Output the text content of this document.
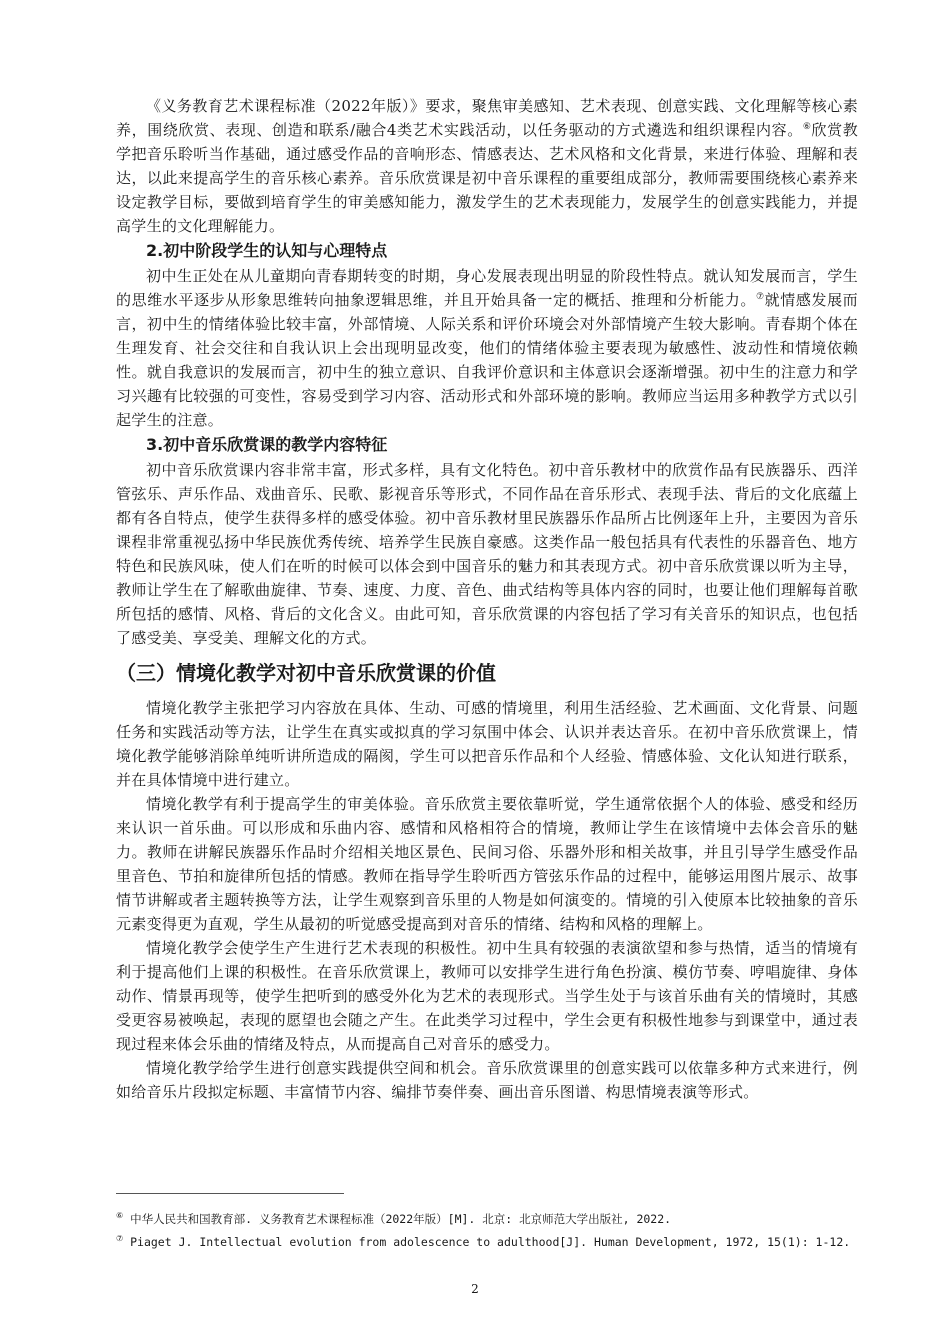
《义务教育艺术课程标准（2022年版）》要求，聚焦审美感知、艺术表现、创意实践、文化理解等核心素养，围绕欣赏、表现、创造和联系/融合4类艺术实践活动，以任务驱动的方式遴选和组织课程内容。⑥欣赏教学把音乐聆听当作基础，通过感受作品的音响形态、情感表达、艺术风格和文化背景，来进行体验、理解和表达，以此来提高学生的音乐核心素养。音乐欣赏课是初中音乐课程的重要组成部分，教师需要围绕核心素养来设定教学目标，要做到培育学生的审美感知能力，激发学生的艺术表现能力，发展学生的创意实践能力，并提高学生的文化理解能力。

2.初中阶段学生的认知与心理特点

初中生正处在从儿童期向青春期转变的时期，身心发展表现出明显的阶段性特点。就认知发展而言，学生的思维水平逐步从形象思维转向抽象逻辑思维，并且开始具备一定的概括、推理和分析能力。⑦就情感发展而言，初中生的情绪体验比较丰富，外部情境、人际关系和评价环境会对外部情境产生较大影响。青春期个体在生理发育、社会交往和自我认识上会出现明显改变，他们的情绪体验主要表现为敏感性、波动性和情境依赖性。就自我意识的发展而言，初中生的独立意识、自我评价意识和主体意识会逐渐增强。初中生的注意力和学习兴趣有比较强的可变性，容易受到学习内容、活动形式和外部环境的影响。教师应当运用多种教学方式以引起学生的注意。

3.初中音乐欣赏课的教学内容特征

初中音乐欣赏课内容非常丰富，形式多样，具有文化特色。初中音乐教材中的欣赏作品有民族器乐、西洋管弦乐、声乐作品、戏曲音乐、民歌、影视音乐等形式，不同作品在音乐形式、表现手法、背后的文化底蕴上都有各自特点，使学生获得多样的感受体验。初中音乐教材里民族器乐作品所占比例逐年上升，主要因为音乐课程非常重视弘扬中华民族优秀传统、培养学生民族自豪感。这类作品一般包括具有代表性的乐器音色、地方特色和民族风味，使人们在听的时候可以体会到中国音乐的魅力和其表现方式。初中音乐欣赏课以听为主导，教师让学生在了解歌曲旋律、节奏、速度、力度、音色、曲式结构等具体内容的同时，也要让他们理解每首歌所包括的感情、风格、背后的文化含义。由此可知，音乐欣赏课的内容包括了学习有关音乐的知识点，也包括了感受美、享受美、理解文化的方式。

（三）情境化教学对初中音乐欣赏课的价值

情境化教学主张把学习内容放在具体、生动、可感的情境里，利用生活经验、艺术画面、文化背景、问题任务和实践活动等方法，让学生在真实或拟真的学习氛围中体会、认识并表达音乐。在初中音乐欣赏课上，情境化教学能够消除单纯听讲所造成的隔阂，学生可以把音乐作品和个人经验、情感体验、文化认知进行联系，并在具体情境中进行建立。

情境化教学有利于提高学生的审美体验。音乐欣赏主要依靠听觉，学生通常依据个人的体验、感受和经历来认识一首乐曲。可以形成和乐曲内容、感情和风格相符合的情境，教师让学生在该情境中去体会音乐的魅力。教师在讲解民族器乐作品时介绍相关地区景色、民间习俗、乐器外形和相关故事，并且引导学生感受作品里音色、节拍和旋律所包括的情感。教师在指导学生聆听西方管弦乐作品的过程中，能够运用图片展示、故事情节讲解或者主题转换等方法，让学生观察到音乐里的人物是如何演变的。情境的引入使原本比较抽象的音乐元素变得更为直观，学生从最初的听觉感受提高到对音乐的情绪、结构和风格的理解上。

情境化教学会使学生产生进行艺术表现的积极性。初中生具有较强的表演欲望和参与热情，适当的情境有利于提高他们上课的积极性。在音乐欣赏课上，教师可以安排学生进行角色扮演、模仿节奏、哼唱旋律、身体动作、情景再现等，使学生把听到的感受外化为艺术的表现形式。当学生处于与该首乐曲有关的情境时，其感受更容易被唤起，表现的愿望也会随之产生。在此类学习过程中，学生会更有积极性地参与到课堂中，通过表现过程来体会乐曲的情绪及特点，从而提高自己对音乐的感受力。

情境化教学给学生进行创意实践提供空间和机会。音乐欣赏课里的创意实践可以依靠多种方式来进行，例如给音乐片段拟定标题、丰富情节内容、编排节奏伴奏、画出音乐图谱、构思情境表演等形式。

⑥ 中华人民共和国教育部. 义务教育艺术课程标准（2022年版）[M]. 北京: 北京师范大学出版社, 2022.

⑦ Piaget J. Intellectual evolution from adolescence to adulthood[J]. Human Development, 1972, 15(1): 1-12.

2
